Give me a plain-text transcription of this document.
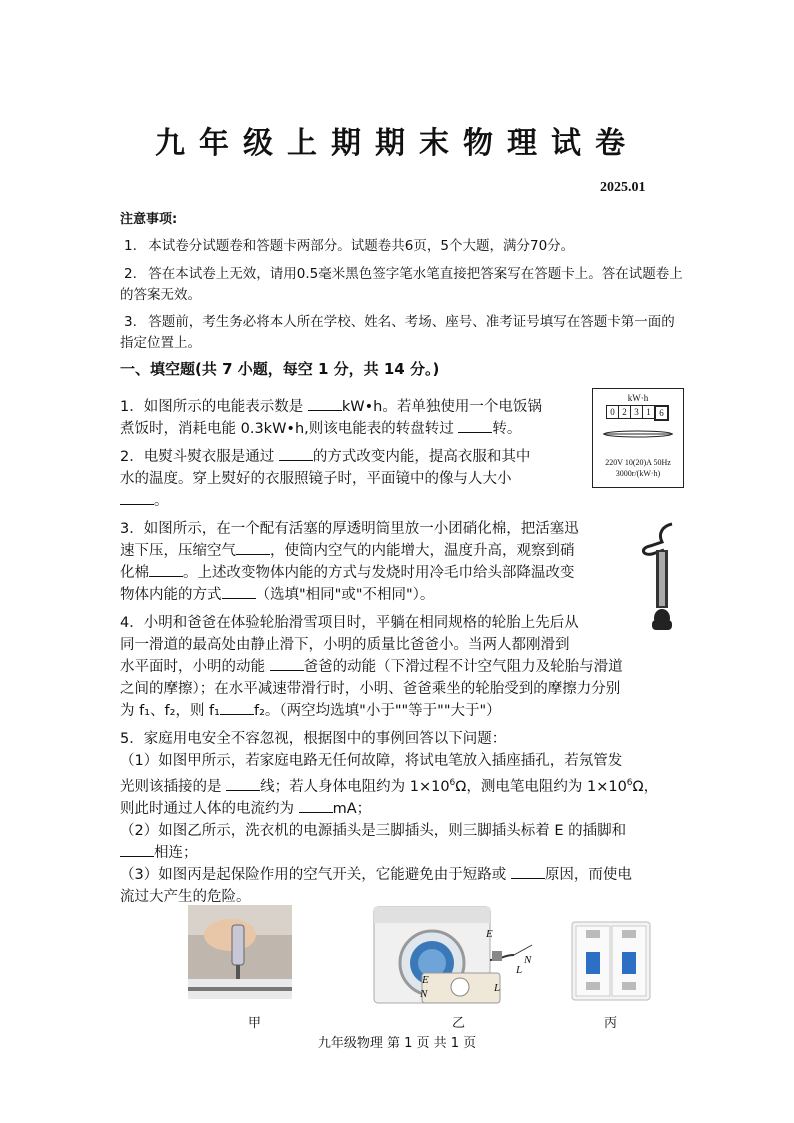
九年级上期期末物理试卷
2025.01
注意事项:
1. 本试卷分试题卷和答题卡两部分。试题卷共6页，5个大题，满分70分。
2. 答在本试卷上无效，请用0.5毫米黑色签字笔水笔直接把答案写在答题卡上。答在试题卷上的答案无效。
3. 答题前，考生务必将本人所在学校、姓名、考场、座号、准考证号填写在答题卡第一面的指定位置上。
一、填空题(共 7 小题，每空 1 分，共 14 分。)
kW·h
0 2 3 1 6
220V 10(20)A 50Hz
3000r/(kW·h)
1．如图所示的电能表示数是 kW•h。若单独使用一个电饭锅
煮饭时，消耗电能 0.3kW•h,则该电能表的转盘转过 转。
2．电熨斗熨衣服是通过 的方式改变内能，提高衣服和其中
水的温度。穿上熨好的衣服照镜子时，平面镜中的像与人大小
。
3．如图所示，在一个配有活塞的厚透明筒里放一小团硝化棉，把活塞迅
速下压，压缩空气 ，使筒内空气的内能增大，温度升高，观察到硝
化棉 。上述改变物体内能的方式与发烧时用冷毛巾给头部降温改变
物体内能的方式 （选填"相同"或"不相同"）。
4．小明和爸爸在体验轮胎滑雪项目时，平躺在相同规格的轮胎上先后从
同一滑道的最高处由静止滑下，小明的质量比爸爸小。当两人都刚滑到
水平面时，小明的动能 爸爸的动能（下滑过程不计空气阻力及轮胎与滑道
之间的摩擦）；在水平减速带滑行时，小明、爸爸乘坐的轮胎受到的摩擦力分别
为 f₁、f₂，则 f₁ f₂。（两空均选填"小于""等于""大于"）
5．家庭用电安全不容忽视，根据图中的事例回答以下问题：
（1）如图甲所示，若家庭电路无任何故障，将试电笔放入插座插孔，若氖管发
光则该插接的是 线；若人身体电阻约为 $1\times 10^6\Omega$，测电笔电阻约为 $1\times 10^6\Omega$，
则此时通过人体的电流约为 mA；
（2）如图乙所示，洗衣机的电源插头是三脚插头，则三脚插头标着 E 的插脚和
相连；
（3）如图丙是起保险作用的空气开关，它能避免由于短路或 原因，而使电
流过大产生的危险。
E
N
L
E
N	L
甲	乙	丙
九年级物理 第 1 页 共 1 页
